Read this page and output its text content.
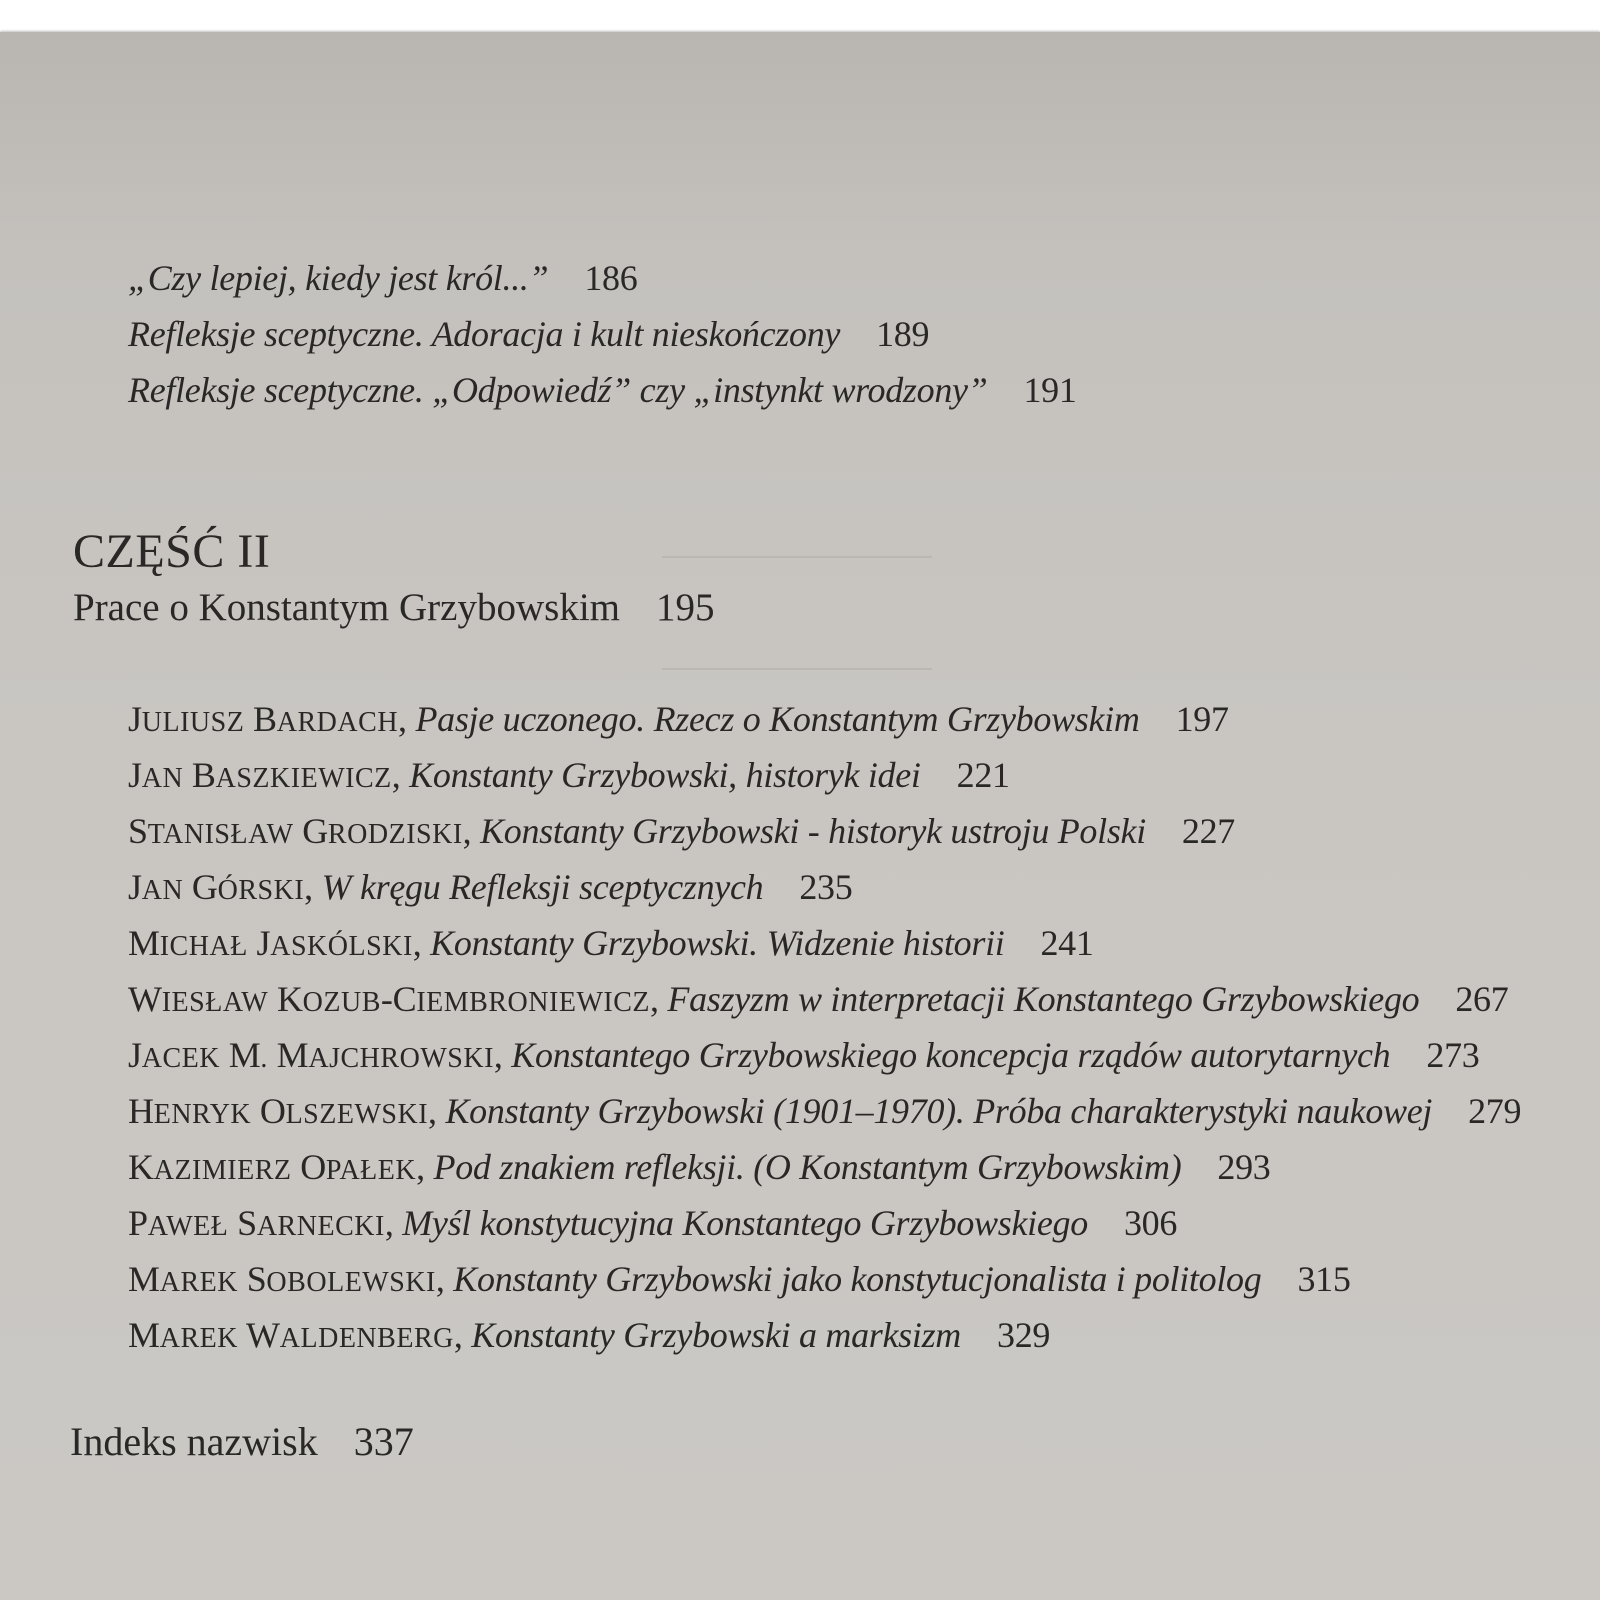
„Czy lepiej, kiedy jest król...” 186
Refleksje sceptyczne. Adoracja i kult nieskończony 189
Refleksje sceptyczne. „Odpowiedź” czy „instynkt wrodzony” 191
CZĘŚĆ II
Prace o Konstantym Grzybowskim 195
JULIUSZ BARDACH, Pasje uczonego. Rzecz o Konstantym Grzybowskim 197
JAN BASZKIEWICZ, Konstanty Grzybowski, historyk idei 221
STANISŁAW GRODZISKI, Konstanty Grzybowski - historyk ustroju Polski 227
JAN GÓRSKI, W kręgu Refleksji sceptycznych 235
MICHAŁ JASKÓLSKI, Konstanty Grzybowski. Widzenie historii 241
WIESŁAW KOZUB-CIEMBRONIEWICZ, Faszyzm w interpretacji Konstantego Grzybowskiego 267
JACEK M. MAJCHROWSKI, Konstantego Grzybowskiego koncepcja rządów autorytarnych 273
HENRYK OLSZEWSKI, Konstanty Grzybowski (1901–1970). Próba charakterystyki naukowej 279
KAZIMIERZ OPAŁEK, Pod znakiem refleksji. (O Konstantym Grzybowskim) 293
PAWEŁ SARNECKI, Myśl konstytucyjna Konstantego Grzybowskiego 306
MAREK SOBOLEWSKI, Konstanty Grzybowski jako konstytucjonalista i politolog 315
MAREK WALDENBERG, Konstanty Grzybowski a marksizm 329
Indeks nazwisk 337
